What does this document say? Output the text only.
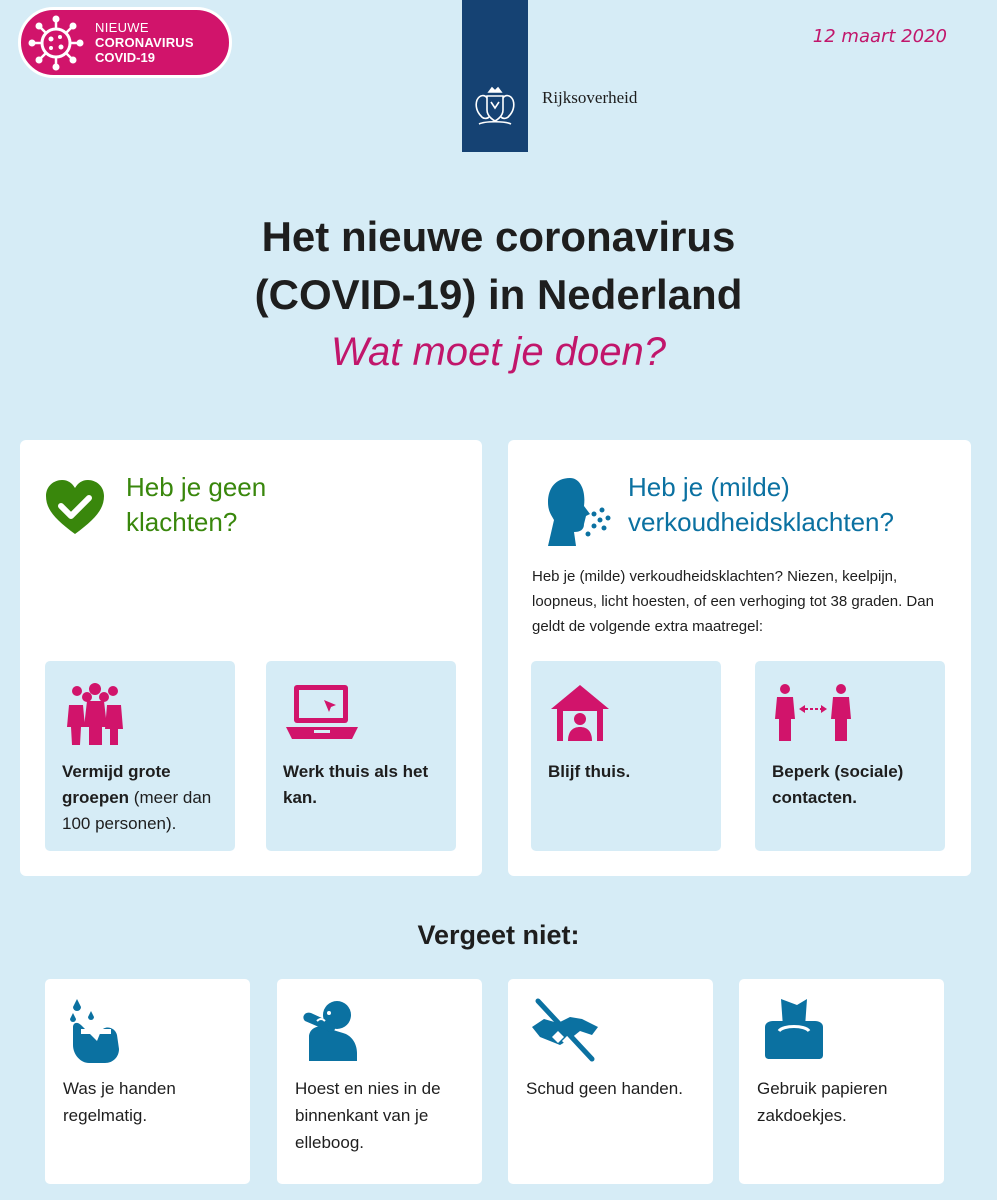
NIEUWE
CORONAVIRUS
COVID-19
12 maart 2020
Rijksoverheid
Het nieuwe coronavirus
(COVID-19) in Nederland
Wat moet je doen?
Heb je geen
klachten?
Vermijd grote groepen (meer dan 100 personen).
Werk thuis als het kan.
Heb je (milde)
verkoudheidsklachten?
Heb je (milde) verkoudheidsklachten? Niezen, keelpijn, loopneus, licht hoesten, of een verhoging tot 38 graden. Dan geldt de volgende extra maatregel:
Blijf thuis.	Beperk (sociale) contacten.
Vergeet niet:
Was je handen regelmatig.
Hoest en nies in de binnenkant van je elleboog.
Schud geen handen.	Gebruik papieren zakdoekjes.
